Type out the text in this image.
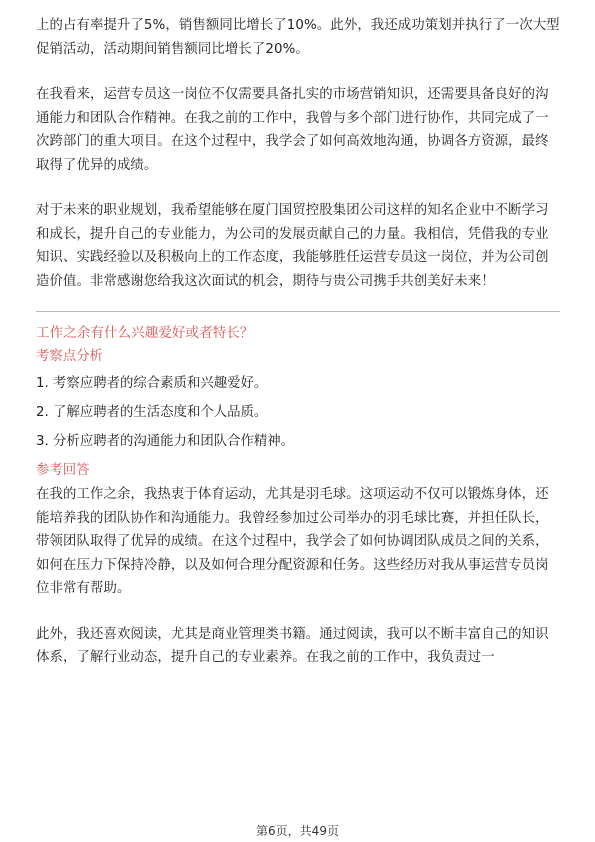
上的占有率提升了5%，销售额同比增长了10%。此外，我还成功策划并执行了一次大型促销活动，活动期间销售额同比增长了20%。

在我看来，运营专员这一岗位不仅需要具备扎实的市场营销知识，还需要具备良好的沟通能力和团队合作精神。在我之前的工作中，我曾与多个部门进行协作，共同完成了一次跨部门的重大项目。在这个过程中，我学会了如何高效地沟通，协调各方资源，最终取得了优异的成绩。

对于未来的职业规划，我希望能够在厦门国贸控股集团公司这样的知名企业中不断学习和成长，提升自己的专业能力，为公司的发展贡献自己的力量。我相信，凭借我的专业知识、实践经验以及积极向上的工作态度，我能够胜任运营专员这一岗位，并为公司创造价值。非常感谢您给我这次面试的机会，期待与贵公司携手共创美好未来！

工作之余有什么兴趣爱好或者特长？

考察点分析

1. 考察应聘者的综合素质和兴趣爱好。

2. 了解应聘者的生活态度和个人品质。

3. 分析应聘者的沟通能力和团队合作精神。

参考回答

在我的工作之余，我热衷于体育运动，尤其是羽毛球。这项运动不仅可以锻炼身体，还能培养我的团队协作和沟通能力。我曾经参加过公司举办的羽毛球比赛，并担任队长，带领团队取得了优异的成绩。在这个过程中，我学会了如何协调团队成员之间的关系，如何在压力下保持冷静，以及如何合理分配资源和任务。这些经历对我从事运营专员岗位非常有帮助。

此外，我还喜欢阅读，尤其是商业管理类书籍。通过阅读，我可以不断丰富自己的知识体系，了解行业动态，提升自己的专业素养。在我之前的工作中，我负责过一

第6页，共49页
